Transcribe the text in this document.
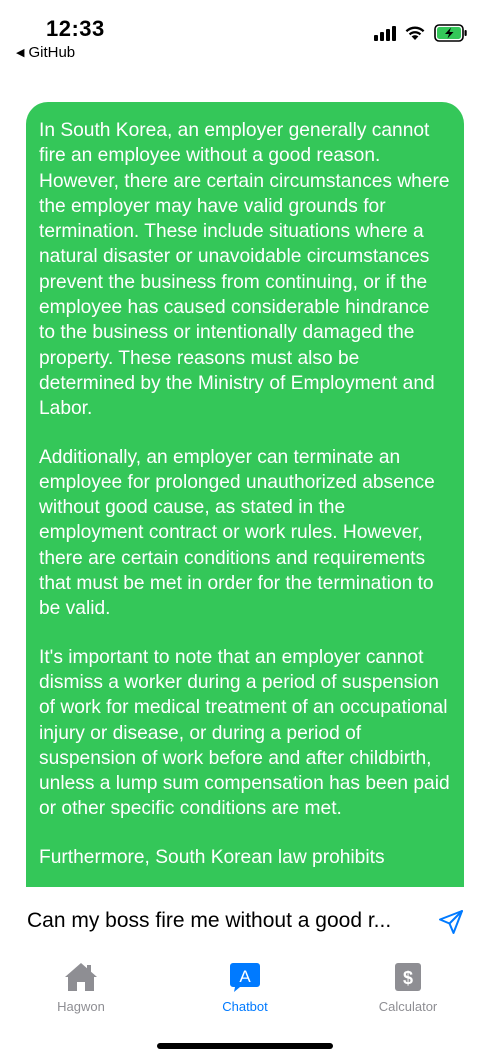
12:33
◀ GitHub

In South Korea, an employer generally cannot fire an employee without a good reason. However, there are certain circumstances where the employer may have valid grounds for termination. These include situations where a natural disaster or unavoidable circumstances prevent the business from continuing, or if the employee has caused considerable hindrance to the business or intentionally damaged the property. These reasons must also be determined by the Ministry of Employment and Labor.

Additionally, an employer can terminate an employee for prolonged unauthorized absence without good cause, as stated in the employment contract or work rules. However, there are certain conditions and requirements that must be met in order for the termination to be valid.

It's important to note that an employer cannot dismiss a worker during a period of suspension of work for medical treatment of an occupational injury or disease, or during a period of suspension of work before and after childbirth, unless a lump sum compensation has been paid or other specific conditions are met.

Furthermore, South Korean law prohibits

Can my boss fire me without a good r...
Hagwon
A
Chatbot
$
Calculator
